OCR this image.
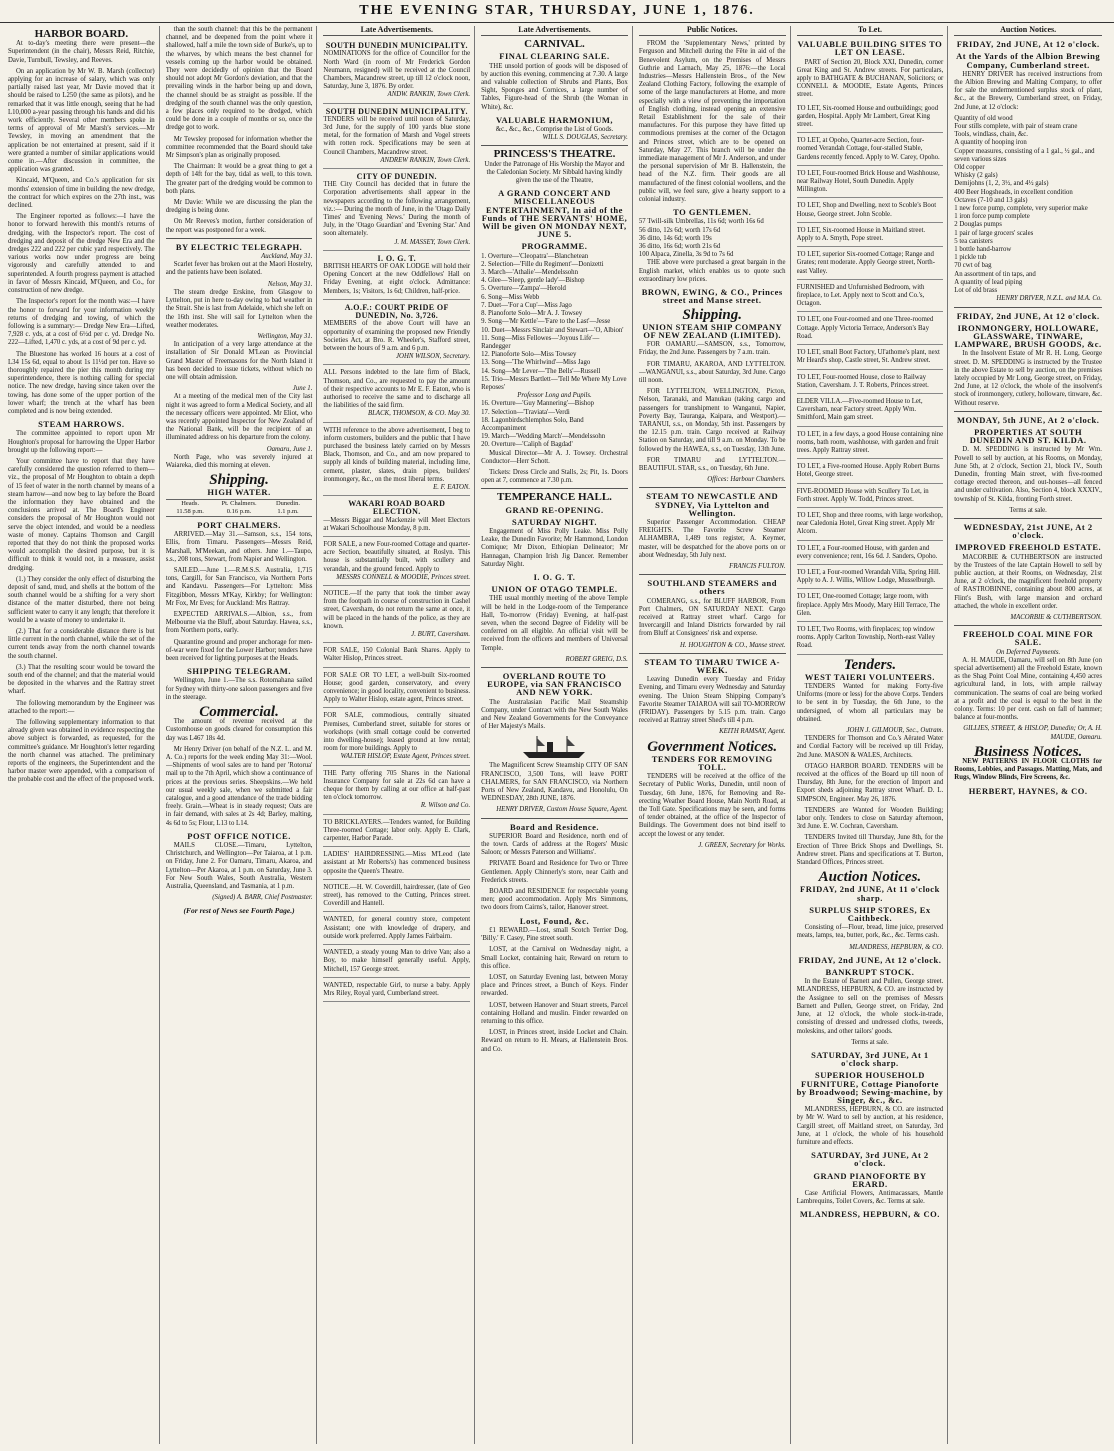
THE EVENING STAR, THURSDAY, JUNE 1, 1876.
HARBOR BOARD.

At to-day's meeting there were present—the Superintendent (in the chair), Messrs Reid, Ritchie, Davie, Turnbull, Tewsley, and Reeves.

On an application by Mr W. B. Marsh (collector) applying for an increase of salary, which was only partially raised last year, Mr Davie moved that it should be raised to L250 (the same as pilots), and he remarked that it was little enough, seeing that he had L10,000 a-year passing through his hands and did his work efficiently. Several other members spoke in terms of approval of Mr Marsh's services.—Mr Tewsley, in moving an amendment that the application be not entertained at present, said if it were granted a number of similar applications would come in.—After discussion in committee, the application was granted.

Kincaid, M'Queen, and Co.'s application for six months' extension of time in building the new dredge, the contract for which expires on the 27th inst., was declined.

The Engineer reported as follows:—I have the honor to forward herewith this month's returns of dredging, with the Inspector's report. The cost of dredging and deposit of the dredge New Era and the dredges 222 and 222 per cubic yard respectively. The various works now under progress are being vigorously and carefully attended to and superintended. A fourth progress payment is attached in favor of Messrs Kincaid, M'Queen, and Co., for construction of new dredge.

The Inspector's report for the month was:—I have the honor to forward for your information weekly returns of dredging and towing, of which the following is a summary:— Dredge New Era—Lifted, 7,928 c. yds, at a cost of 6½d per c. yd. Dredge No. 222—Lifted, 1,470 c. yds, at a cost of 9d per c. yd.

The Bluestone has worked 16 hours at a cost of L34 15s 6d, equal to about 1s 11½d per ton. Have so thoroughly repaired the pier this month during my superintendence, there is nothing calling for special notice. The new dredge, having since taken over the towing, has done some of the upper portion of the lower wharf; the trench at the wharf has been completed and is now being extended.

STEAM HARROWS.

The committee appointed to report upon Mr Houghton's proposal for harrowing the Upper Harbor brought up the following report:—

Your committee have to report that they have carefully considered the question referred to them—viz., the proposal of Mr Houghton to obtain a depth of 15 feet of water in the north channel by means of a steam harrow—and now beg to lay before the Board the information they have obtained and the conclusions arrived at. The Board's Engineer considers the proposal of Mr Houghton would not serve the object intended, and would be a needless waste of money. Captains Thomson and Cargill reported that they do not think the proposed works would accomplish the desired purpose, but it is difficult to think it would not, in a measure, assist dredging.

(1.) They consider the only effect of disturbing the deposit of sand, mud, and shells at the bottom of the south channel would be a shifting for a very short distance of the matter disturbed, there not being sufficient water to carry it any length; that therefore it would be a waste of money to undertake it.

(2.) That for a considerable distance there is but little current in the north channel, while the set of the current tends away from the north channel towards the south channel.

(3.) That the resulting scour would be toward the south end of the channel; and that the material would be deposited in the wharves and the Rattray street wharf.

The following memorandum by the Engineer was attached to the report:—

The following supplementary information to that already given was obtained in evidence respecting the above subject is forwarded, as requested, for the committee's guidance. Mr Houghton's letter regarding the north channel was attached. The preliminary reports of the engineers, the Superintendent and the harbor master were appended, with a comparison of the probable cost and the effect of the proposed work.

than the south channel: that this be the permanent channel, and be deepened from the point where it shallowed, half a mile the town side of Burke's, up to the wharves, by which means the best channel for vessels coming up the harbor would be obtained. They were decidedly of opinion that the Board should not adopt Mr Gordon's deviation, and that the prevailing winds in the harbor being up and down, the channel should be as straight as possible. If the dredging of the south channel was the only question, a few places only required to be dredged, which could be done in a couple of months or so, once the dredge got to work.

Mr Tewsley proposed for information whether the committee recommended that the Board should take Mr Simpson's plan as originally proposed.

The Chairman: It would be a great thing to get a depth of 14ft for the bay, tidal as well, to this town. The greater part of the dredging would be common to both plans.

Mr Davie: While we are discussing the plan the dredging is being done.

On Mr Reeves's motion, further consideration of the report was postponed for a week.

BY ELECTRIC TELEGRAPH.
Auckland, May 31.

Scarlet fever has broken out at the Maori Hostelry, and the patients have been isolated.

Nelson, May 31.

The steam dredge Erskine, from Glasgow to Lyttelton, put in here to-day owing to bad weather in the Strait. She is last from Adelaide, which she left on the 16th inst. She will sail for Lyttelton when the weather moderates.

Wellington, May 31.

In anticipation of a very large attendance at the installation of Sir Donald M'Lean as Provincial Grand Master of Freemasons for the North Island it has been decided to issue tickets, without which no one will obtain admission.

June 1.

At a meeting of the medical men of the City last night it was agreed to form a Medical Society, and all the necessary officers were appointed. Mr Eliot, who was recently appointed Inspector for New Zealand of the National Bank, will be the recipient of an illuminated address on his departure from the colony.

Oamaru, June 1.

North Page, who was severely injured at Waiareka, died this morning at eleven.

Shipping.
HIGH WATER.
Heads.	Pt. Chalmers.	Dunedin.
11.58 p.m.	0.16 p.m.	1.1 p.m.
PORT CHALMERS.

ARRIVED.—May 31.—Samson, s.s., 154 tons, Ellis, from Timaru. Passengers—Messrs Reid, Marshall, M'Meekan, and others. June 1.—Taupo, s.s., 208 tons, Stewart, from Napier and Wellington.

SAILED.—June 1.—R.M.S.S. Australia, 1,715 tons, Cargill, for San Francisco, via Northern Ports and Kandavu. Passengers—For Lyttelton: Miss Fitzgibbon, Messrs M'Kay, Kirkby; for Wellington: Mr Fox, Mr Eves; for Auckland: Mrs Rattray.

EXPECTED ARRIVALS.—Albion, s.s., from Melbourne via the Bluff, about Saturday. Hawea, s.s., from Northern ports, early.

Quarantine ground and proper anchorage for men-of-war were fixed for the Lower Harbor; tenders have been received for lighting purposes at the Heads.

SHIPPING TELEGRAM.

Wellington, June 1.—The s.s. Rotomahana sailed for Sydney with thirty-one saloon passengers and five in the steerage.

Commercial.

The amount of revenue received at the Customhouse on goods cleared for consumption this day was L467 18s 4d.

Mr Henry Driver (on behalf of the N.Z. L. and M. A. Co.) reports for the week ending May 31:—Wool.—Shipments of wool sales are to hand per 'Rotorua' mail up to the 7th April, which show a continuance of prices at the previous series. Sheepskins.—We held our usual weekly sale, when we submitted a fair catalogue, and a good attendance of the trade bidding freely. Grain.—Wheat is in steady request; Oats are in fair demand, with sales at 2s 4d; Barley, malting, 4s 6d to 5s; Flour, L13 to L14.

POST OFFICE NOTICE.

MAILS CLOSE.—Timaru, Lyttelton, Christchurch, and Wellington—Per Taiaroa, at 1 p.m. on Friday, June 2. For Oamaru, Timaru, Akaroa, and Lyttelton—Per Akaroa, at 1 p.m. on Saturday, June 3. For New South Wales, South Australia, Western Australia, Queensland, and Tasmania, at 1 p.m.

(Signed) A. BARR, Chief Postmaster.
(For rest of News see Fourth Page.)
Late Advertisements.
SOUTH DUNEDIN MUNICIPALITY.
NOMINATIONS for the office of Councillor for the North Ward (in room of Mr Frederick Gordon Neumann, resigned) will be received at the Council Chambers, Macandrew street, up till 12 o'clock noon, Saturday, June 3, 1876. By order.
ANDW. RANKIN, Town Clerk.
SOUTH DUNEDIN MUNICIPALITY.
TENDERS will be received until noon of Saturday, 3rd June, for the supply of 100 yards blue stone metal, for the formation of Marsh and Vogel streets with rotten rock. Specifications may be seen at Council Chambers, Macandrew street.
ANDREW RANKIN, Town Clerk.
CITY OF DUNEDIN.
THE City Council has decided that in future the Corporation advertisements shall appear in the newspapers according to the following arrangement, viz.:— During the month of June, in the 'Otago Daily Times' and 'Evening News.' During the month of July, in the 'Otago Guardian' and 'Evening Star.' And soon alternately.
J. M. MASSEY, Town Clerk.
I. O. G. T.
BRITISH HEARTS OF OAK LODGE will hold their Opening Concert at the new Oddfellows' Hall on Friday Evening, at eight o'clock. Admittance: Members, 1s; Visitors, 1s 6d; Children, half-price.
A.O.F.: COURT PRIDE OF DUNEDIN, No. 3,726.
MEMBERS of the above Court will have an opportunity of examining the proposed new Friendly Societies Act, at Bro. R. Wheeler's, Stafford street, between the hours of 9 a.m. and 6 p.m.
JOHN WILSON, Secretary.
ALL Persons indebted to the late firm of Black, Thomson, and Co., are requested to pay the amount of their respective accounts to Mr E. F. Eaton, who is authorised to receive the same and to discharge all the liabilities of the said firm.
BLACK, THOMSON, & CO. May 30.
WITH reference to the above advertisement, I beg to inform customers, builders and the public that I have purchased the business lately carried on by Messrs Black, Thomson, and Co., and am now prepared to supply all kinds of building material, including lime, cement, plaster, slates, drain pipes, builders' ironmongery, &c., on the most liberal terms.
E. F. EATON.
WAKARI ROAD BOARD ELECTION.
—Messrs Biggar and Mackenzie will Meet Electors at Wakari Schoolhouse Monday, 8 p.m.
FOR SALE, a new Four-roomed Cottage and quarter-acre Section, beautifully situated, at Roslyn. This house is substantially built, with scullery and verandah, and the ground fenced. Apply to
MESSRS CONNELL & MOODIE, Princes street.
NOTICE.—If the party that took the timber away from the footpath in course of construction in Cashel street, Caversham, do not return the same at once, it will be placed in the hands of the police, as they are known.
J. BURT, Caversham.
FOR SALE, 150 Colonial Bank Shares. Apply to Walter Hislop, Princes street.
FOR SALE OR TO LET, a well-built Six-roomed House; good garden, conservatory, and every convenience; in good locality, convenient to business. Apply to Walter Hislop, estate agent, Princes street.
FOR SALE, commodious, centrally situated Premises, Cumberland street, suitable for stores or workshops (with small cottage could be converted into dwelling-house); leased ground at low rental; room for more buildings. Apply to
WALTER HISLOP, Estate Agent, Princes street.
THE Party offering 705 Shares in the National Insurance Company for sale at 22s 6d can have a cheque for them by calling at our office at half-past ten o'clock tomorrow.
R. Wilson and Co.
TO BRICKLAYERS.—Tenders wanted, for Building Three-roomed Cottage; labor only. Apply E. Clark, carpenter, Harbor Parade.
LADIES' HAIRDRESSING.—Miss M'Leod (late assistant at Mr Roberts's) has commenced business opposite the Queen's Theatre.
NOTICE.—H. W. Coverdill, hairdresser, (late of Geo street), has removed to the Cutting, Princes street. Coverdill and Hantell.
WANTED, for general country store, competent Assistant; one with knowledge of drapery, and outside work preferred. Apply James Fairbairn.
WANTED, a steady young Man to drive Van; also a Boy, to make himself generally useful. Apply, Mitchell, 157 George street.
WANTED, respectable Girl, to nurse a baby. Apply Mrs Riley, Royal yard, Cumberland street.
Late Advertisements.
CARNIVAL.
FINAL CLEARING SALE.

THE unsold portion of goods will be disposed of by auction this evening, commencing at 7.30. A large and valuable collection of Shrubs and Plants, Box Sight, Sponges and Cornices, a large number of Tables, Figure-head of the Shrub (the Woman in White), &c.

VALUABLE HARMONIUM,
&c., &c., &c., Comprise the List of Goods.
WILL S. DOUGLAS, Secretary.
PRINCESS'S THEATRE.
Under the Patronage of His Worship the Mayor and the Caledonian Society. Mr Sibbald having kindly given the use of the Theatre,
A GRAND CONCERT AND MISCELLANEOUS ENTERTAINMENT, In aid of the Funds of THE SERVANTS' HOME, Will be given ON MONDAY NEXT, JUNE 5.
PROGRAMME.
1. Overture—'Cleopatra'—Blanchetean
2. Selection—'Fille du Regiment'—Donizetti
3. March—'Athalie'—Mendelssohn
4. Glee—'Sleep, gentle lady'—Bishop
5. Overture—'Zampa'—Herold
6. Song—Miss Webb
7. Duet—'For a Cup'—Miss Jago
8. Pianoforte Solo—Mr A. J. Towsey
9. Song—'Mr Kettle'—'Fare to the Last'—Jesse
10. Duet—Messrs Sinclair and Stewart—'O, Albion'
11. Song—Miss Fellowes—'Joyous Life'—Randegger
12. Pianoforte Solo—Miss Towsey
13. Song—'The Whirlwind'—Miss Jago
14. Song—Mr Lever—'The Bells'—Russell
15. Trio—Messrs Bartlett—'Tell Me Where My Love Reposes'
Professor Long and Pupils.
16. Overture—'Guy Mannering'—Bishop
17. Selection—'Traviata'—Verdi
18. Lagonbirdschlemphos Solo, Band Accompaniment
19. March—'Wedding March'—Mendelssohn
20. Overture—'Caliph of Bagdad'

Musical Director—Mr A. J. Towsey. Orchestral Conductor—Herr Schott.

Tickets: Dress Circle and Stalls, 2s; Pit, 1s. Doors open at 7, commence at 7.30 p.m.

TEMPERANCE HALL.
GRAND RE-OPENING.
SATURDAY NIGHT.

Engagement of Miss Polly Leake. Miss Polly Leake, the Dunedin Favorite; Mr Hammond, London Comique; Mr Dixon, Ethiopian Delineator; Mr Hannagan, Champion Irish Jig Dancer. Remember Saturday Night.

I. O. G. T.
UNION OF OTAGO TEMPLE.

THE usual monthly meeting of the above Temple will be held in the Lodge-room of the Temperance Hall, To-morrow (Friday) Evening, at half-past seven, when the second Degree of Fidelity will be conferred on all eligible. An official visit will be received from the officers and members of Universal Temple.

ROBERT GREIG, D.S.
OVERLAND ROUTE TO EUROPE, via SAN FRANCISCO AND NEW YORK.

The Australasian Pacific Mail Steamship Company, under Contract with the New South Wales and New Zealand Governments for the Conveyance of Her Majesty's Mails.

The Magnificent Screw Steamship CITY OF SAN FRANCISCO, 3,500 Tons, will leave PORT CHALMERS, for SAN FRANCISCO, via Northern Ports of New Zealand, Kandavu, and Honolulu, On WEDNESDAY, 28th JUNE, 1876.

HENRY DRIVER, Custom House Square, Agent.
Board and Residence.

SUPERIOR Board and Residence, north end of the town. Cards of address at the Rogers' Music Saloon; or Messrs Paterson and Williams'.

PRIVATE Board and Residence for Two or Three Gentlemen. Apply Chinnerly's store, near Caith and Frederick streets.

BOARD and RESIDENCE for respectable young men; good accommodation. Apply Mrs Simmons, two doors from Cairns's, tailor, Hanover street.

Lost, Found, &c.

£1 REWARD.—Lost, small Scotch Terrier Dog, 'Billy.' F. Casey, Pine street south.

LOST, at the Carnival on Wednesday night, a Small Locket, containing hair, Reward on return to this office.

LOST, on Saturday Evening last, between Moray place and Princes street, a Bunch of Keys. Finder rewarded.

LOST, between Hanover and Stuart streets, Parcel containing Holland and muslin. Finder rewarded on returning to this office.

LOST, in Princes street, inside Locket and Chain. Reward on return to H. Mears, at Hallenstein Bros. and Co.

Public Notices.

FROM the 'Supplementary News,' printed by Ferguson and Mitchell during the Fête in aid of the Benevolent Asylum, on the Premises of Messrs Guthrie and Larnach, May 25, 1876:—the Local Industries—Messrs Hallenstein Bros., of the New Zealand Clothing Factory, following the example of some of the large manufacturers at Home, and more especially with a view of preventing the importation of English clothing, instead opening an extensive Retail Establishment for the sale of their manufactures. For this purpose they have fitted up commodious premises at the corner of the Octagon and Princes street, which are to be opened on Saturday, May 27. This branch will be under the immediate management of Mr J. Anderson, and under the personal supervision of Mr B. Hallenstein, the head of the N.Z. firm. Their goods are all manufactured of the finest colonial woollens, and the public will, we feel sure, give a hearty support to a colonial industry.

TO GENTLEMEN.
57 Twill-silk Umbrellas, 11s 6d; worth 16s 6d
56 ditto, 12s 6d; worth 17s 6d
36 ditto, 14s 6d; worth 19s
36 ditto, 16s 6d; worth 21s 6d
100 Alpaca, Zinella, 3s 9d to 7s 6d

THE above were purchased a great bargain in the English market, which enables us to quote such extraordinary low prices.

BROWN, EWING, & CO., Princes street and Manse street.
Shipping.
UNION STEAM SHIP COMPANY OF NEW ZEALAND (LIMITED).

FOR OAMARU.—SAMSON, s.s., Tomorrow, Friday, the 2nd June. Passengers by 7 a.m. train.

FOR TIMARU, AKAROA, AND LYTTELTON.—WANGANUI, s.s., about Saturday, 3rd June. Cargo till noon.

FOR LYTTELTON, WELLINGTON, Picton, Nelson, Taranaki, and Manukau (taking cargo and passengers for transhipment to Wanganui, Napier, Poverty Bay, Tauranga, Kaipara, and Westport).—TARANUI, s.s., on Monday, 5th inst. Passengers by the 12.15 p.m. train. Cargo received at Railway Station on Saturday, and till 9 a.m. on Monday. To be followed by the HAWEA, s.s., on Tuesday, 13th June.

FOR TIMARU and LYTTELTON.—BEAUTIFUL STAR, s.s., on Tuesday, 6th June.

Offices: Harbour Chambers.
STEAM TO NEWCASTLE AND SYDNEY, Via Lyttelton and Wellington.

Superior Passenger Accommodation. CHEAP FREIGHTS. The Favorite Screw Steamer ALHAMBRA, 1,489 tons register, A. Keymer, master, will be despatched for the above ports on or about Wednesday, 5th July next.

FRANCIS FULTON.
SOUTHLAND STEAMERS and others

COMERANG, s.s., for BLUFF HARBOR, From Port Chalmers, ON SATURDAY NEXT. Cargo received at Rattray street wharf. Cargo for Invercargill and Inland Districts forwarded by rail from Bluff at Consignees' risk and expense.

H. HOUGHTON & CO., Manse street.
STEAM TO TIMARU TWICE A-WEEK.

Leaving Dunedin every Tuesday and Friday Evening, and Timaru every Wednesday and Saturday evening. The Union Steam Shipping Company's Favorite Steamer TAIAROA will sail TO-MORROW (FRIDAY). Passengers by 5.15 p.m. train. Cargo received at Rattray street Shed's till 4 p.m.

KEITH RAMSAY, Agent.
Government Notices.
TENDERS FOR REMOVING TOLL.

TENDERS will be received at the office of the Secretary of Public Works, Dunedin, until noon of Tuesday, 6th June, 1876, for Removing and Re-erecting Weather Board House, Main North Road, at the Toll Gate. Specifications may be seen, and forms of tender obtained, at the office of the Inspector of Buildings. The Government does not bind itself to accept the lowest or any tender.

J. GREEN, Secretary for Works.
To Let.
VALUABLE BUILDING SITES TO LET ON LEASE.

PART of Section 20, Block XXI, Dunedin, corner Great King and St. Andrew streets. For particulars, apply to BATHGATE & BUCHANAN, Solicitors; or CONNELL & MOODIE, Estate Agents, Princes street.

TO LET, Six-roomed House and outbuildings; good garden, Hospital. Apply Mr Lambert, Great King street.
TO LET, at Opoho, Quarter-acre Section, four-roomed Verandah Cottage, four-stalled Stable, Gardens recently fenced. Apply to W. Carey, Opoho.
TO LET, Four-roomed Brick House and Washhouse, near Railway Hotel, South Dunedin. Apply Millington.
TO LET, Shop and Dwelling, next to Scoble's Boot House, George street. John Scoble.
TO LET, Six-roomed House in Maitland street. Apply to A. Smyth, Pope street.
TO LET, superior Six-roomed Cottage; Range and Grates; rent moderate. Apply George street, North-east Valley.
FURNISHED and Unfurnished Bedroom, with fireplace, to Let. Apply next to Scott and Co.'s, Octagon.
TO LET, one Four-roomed and one Three-roomed Cottage. Apply Victoria Terrace, Anderson's Bay Road.
TO LET, small Boot Factory, Ul'athome's plant, next Mr Heard's shop, Castle street, St. Andrew street.
TO LET, Four-roomed House, close to Railway Station, Caversham. J. T. Roberts, Princes street.
ELDER VILLA.—Five-roomed House to Let, Caversham, near Factory street. Apply Wm. Smithford, Main gam street.
TO LET, in a few days, a good House containing nine rooms, bath room, washhouse, with garden and fruit trees. Apply Rattray street.
TO LET, a Five-roomed House. Apply Robert Burns Hotel, George street.
FIVE-ROOMED House with Scullery To Let, in Forth street. Apply W. Todd, Princes street.
TO LET, Shop and three rooms, with large workshop, near Caledonia Hotel, Great King street. Apply Mr Alcorn.
TO LET, a Four-roomed House, with garden and every convenience; rent, 16s 6d. J. Sanders, Opoho.
TO LET, a Four-roomed Verandah Villa, Spring Hill. Apply to A. J. Willis, Willow Lodge, Musselburgh.
TO LET, One-roomed Cottage; large room, with fireplace. Apply Mrs Moody, Mary Hill Terrace, The Glen.
TO LET, Two Rooms, with fireplaces; top window rooms. Apply Carlton Township, North-east Valley Road.
Tenders.
WEST TAIERI VOLUNTEERS.

TENDERS Wanted for making Forty-five Uniforms (more or less) for the above Corps. Tenders to be sent in by Tuesday, the 6th June, to the undersigned, of whom all particulars may be obtained.

JOHN J. GILMOUR, Sec., Outram.

TENDERS for Thomson and Co.'s Aërated Water and Cordial Factory will be received up till Friday, 2nd June. MASON & WALES, Architects.

OTAGO HARBOR BOARD. TENDERS will be received at the offices of the Board up till noon of Thursday, 8th June, for the erection of Import and Export sheds adjoining Rattray street Wharf. D. L. SIMPSON, Engineer. May 26, 1876.

TENDERS are Wanted for Wooden Building; labor only. Tenders to close on Saturday afternoon, 3rd June. E. W. Cochran, Caversham.

TENDERS Invited till Thursday, June 8th, for the Erection of Three Brick Shops and Dwellings, St. Andrew street. Plans and specifications at T. Burton, Standard Offices, Princes street.

Auction Notices.
FRIDAY, 2nd JUNE, At 11 o'clock sharp.
SURPLUS SHIP STORES, Ex Caithbeck.

Consisting of—Flour, bread, lime juice, preserved meats, lamps, tea, butter, pork, &c., &c. Terms cash.

MLANDRESS, HEPBURN, & CO.
FRIDAY, 2nd JUNE, At 12 o'clock.
BANKRUPT STOCK.

In the Estate of Barnett and Pullen, George street. MLANDRESS, HEPBURN, & CO. are instructed by the Assignee to sell on the premises of Messrs Barnett and Pullen, George street, on Friday, 2nd June, at 12 o'clock, the whole stock-in-trade, consisting of dressed and undressed cloths, tweeds, moleskins, and other tailors' goods.

Terms at sale.
SATURDAY, 3rd JUNE, At 1 o'clock sharp.
SUPERIOR HOUSEHOLD FURNITURE, Cottage Pianoforte by Broadwood; Sewing-machine, by Singer, &c., &c.

MLANDRESS, HEPBURN, & CO. are instructed by Mr W. Ward to sell by auction, at his residence, Cargill street, off Maitland street, on Saturday, 3rd June, at 1 o'clock, the whole of his household furniture and effects.

SATURDAY, 3rd JUNE, At 2 o'clock.
GRAND PIANOFORTE BY ERARD.

Case Artificial Flowers, Antimacassars, Mantle Lambrequins, Toilet Covers, &c. Terms at sale.

MLANDRESS, HEPBURN, & CO.
Auction Notices.
FRIDAY, 2nd JUNE, At 12 o'clock.
At the Yards of the Albion Brewing Company, Cumberland street.

HENRY DRIVER has received instructions from the Albion Brewing and Malting Company, to offer for sale the undermentioned surplus stock of plant, &c., at the Brewery, Cumberland street, on Friday, 2nd June, at 12 o'clock:

Quantity of old wood
Four stills complete, with pair of steam crane
Tools, windlass, chain, &c.
A quantity of hooping iron
Copper measures, consisting of a 1 gal., ½ gal., and seven various sizes
Old copper
Whisky (2 gals)
Demijohns (1, 2, 3½, and 4½ gals)
400 Beer Hogsheads, in excellent condition
Octaves (7-10 and 13 gals)
1 new force pump, complete, very superior make
1 iron force pump complete
2 Douglas pumps
1 pair of large grocers' scales
5 tea canisters
1 bottle hand-barrow
1 pickle tub
70 cwt of bag
An assortment of tin taps, and
A quantity of lead piping
Lot of old brass
HENRY DRIVER, N.Z.L. and M.A. Co.
FRIDAY, 2nd JUNE, At 12 o'clock.
IRONMONGERY, HOLLOWARE, GLASSWARE, TINWARE, LAMPWARE, BRUSH GOODS, &c.

In the Insolvent Estate of Mr R. H. Long, George street. D. M. SPEDDING is instructed by the Trustee in the above Estate to sell by auction, on the premises lately occupied by Mr Long, George street, on Friday, 2nd June, at 12 o'clock, the whole of the insolvent's stock of ironmongery, cutlery, holloware, tinware, &c. Without reserve.

MONDAY, 5th JUNE, At 2 o'clock.
PROPERTIES AT SOUTH DUNEDIN AND ST. KILDA.

D. M. SPEDDING is instructed by Mr Wm. Powell to sell by auction, at his Rooms, on Monday, June 5th, at 2 o'clock, Section 21, block IV., South Dunedin, fronting Main street, with five-roomed cottage erected thereon, and out-houses—all fenced and under cultivation. Also, Section 4, block XXXIV., township of St. Kilda, fronting Forth street.

Terms at sale.
WEDNESDAY, 21st JUNE, At 2 o'clock.
IMPROVED FREEHOLD ESTATE.

MACORBIE & CUTHBERTSON are instructed by the Trustees of the late Captain Howell to sell by public auction, at their Rooms, on Wednesday, 21st June, at 2 o'clock, the magnificent freehold property of RASTROBINNE, containing about 800 acres, at Flint's Bush, with large mansion and orchard attached, the whole in excellent order.

MACORBIE & CUTHBERTSON.
FREEHOLD COAL MINE FOR SALE.
On Deferred Payments.

A. H. MAUDE, Oamaru, will sell on 8th June (on special advertisement) all the Freehold Estate, known as the Shag Point Coal Mine, containing 4,450 acres agricultural land, in lots, with ample railway communication. The seams of coal are being worked at a profit and the coal is equal to the best in the colony. Terms: 10 per cent. cash on fall of hammer; balance at four-months.

GILLIES, STREET, & HISLOP, Dunedin; Or, A. H. MAUDE, Oamaru.
Business Notices.

NEW PATTERNS IN FLOOR CLOTHS for Rooms, Lobbies, and Passages. Matting, Mats, and Rugs, Window Blinds, Fire Screens, &c.

HERBERT, HAYNES, & CO.
